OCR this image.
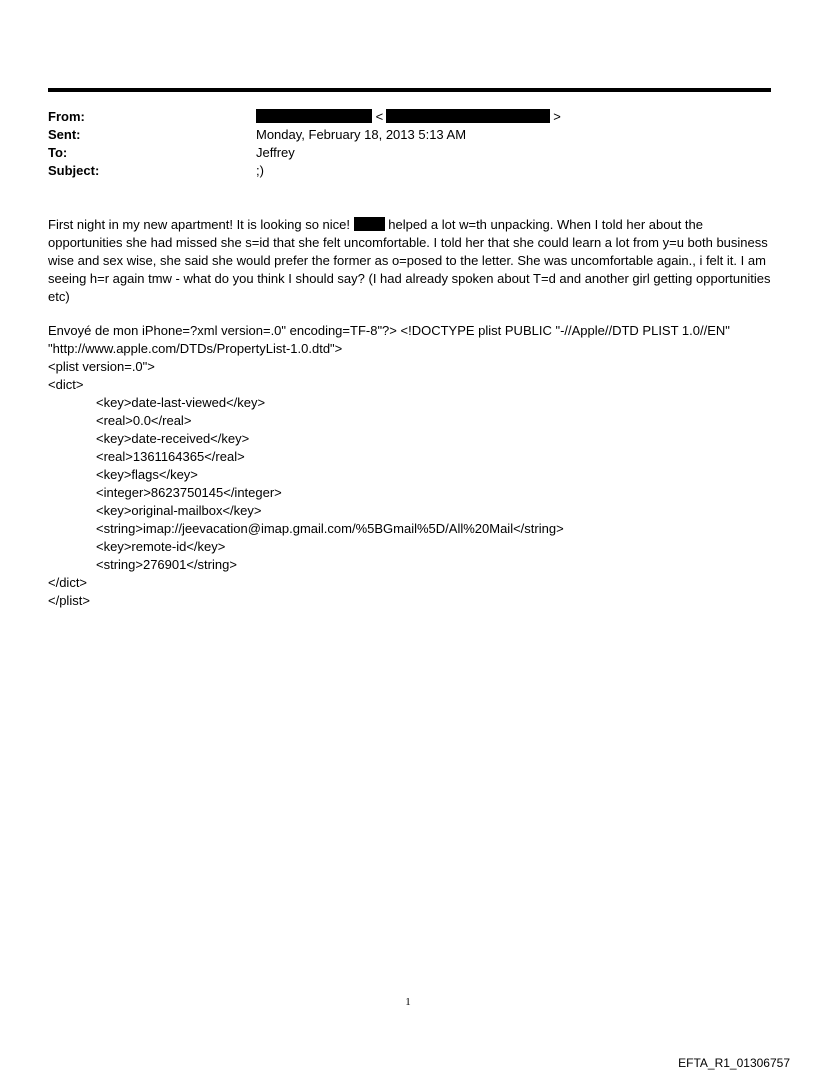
From:	<	>
Sent:	Monday, February 18, 2013 5:13 AM
To:	Jeffrey
Subject:	;)

First night in my new apartment! It is looking so nice!  helped a lot w=th unpacking. When I told her about the opportunities she had missed she s=id that she felt uncomfortable. I told her that she could learn a lot from y=u both business wise and sex wise, she said she would prefer the former as o=posed to the letter. She was uncomfortable again., i felt it. I am seeing h=r again tmw - what do you think I should say? (I had already spoken about T=d and another girl getting opportunities etc)

Envoyé de mon iPhone=?xml version=.0" encoding=TF-8"?> <!DOCTYPE plist PUBLIC "-//Apple//DTD PLIST 1.0//EN"
"http://www.apple.com/DTDs/PropertyList-1.0.dtd">
<plist version=.0">
<dict>
<key>date-last-viewed</key>
<real>0.0</real>
<key>date-received</key>
<real>1361164365</real>
<key>flags</key>
<integer>8623750145</integer>
<key>original-mailbox</key>
<string>imap://jeevacation@imap.gmail.com/%5BGmail%5D/All%20Mail</string>
<key>remote-id</key>
<string>276901</string>
</dict>
</plist>
1
EFTA_R1_01306757
